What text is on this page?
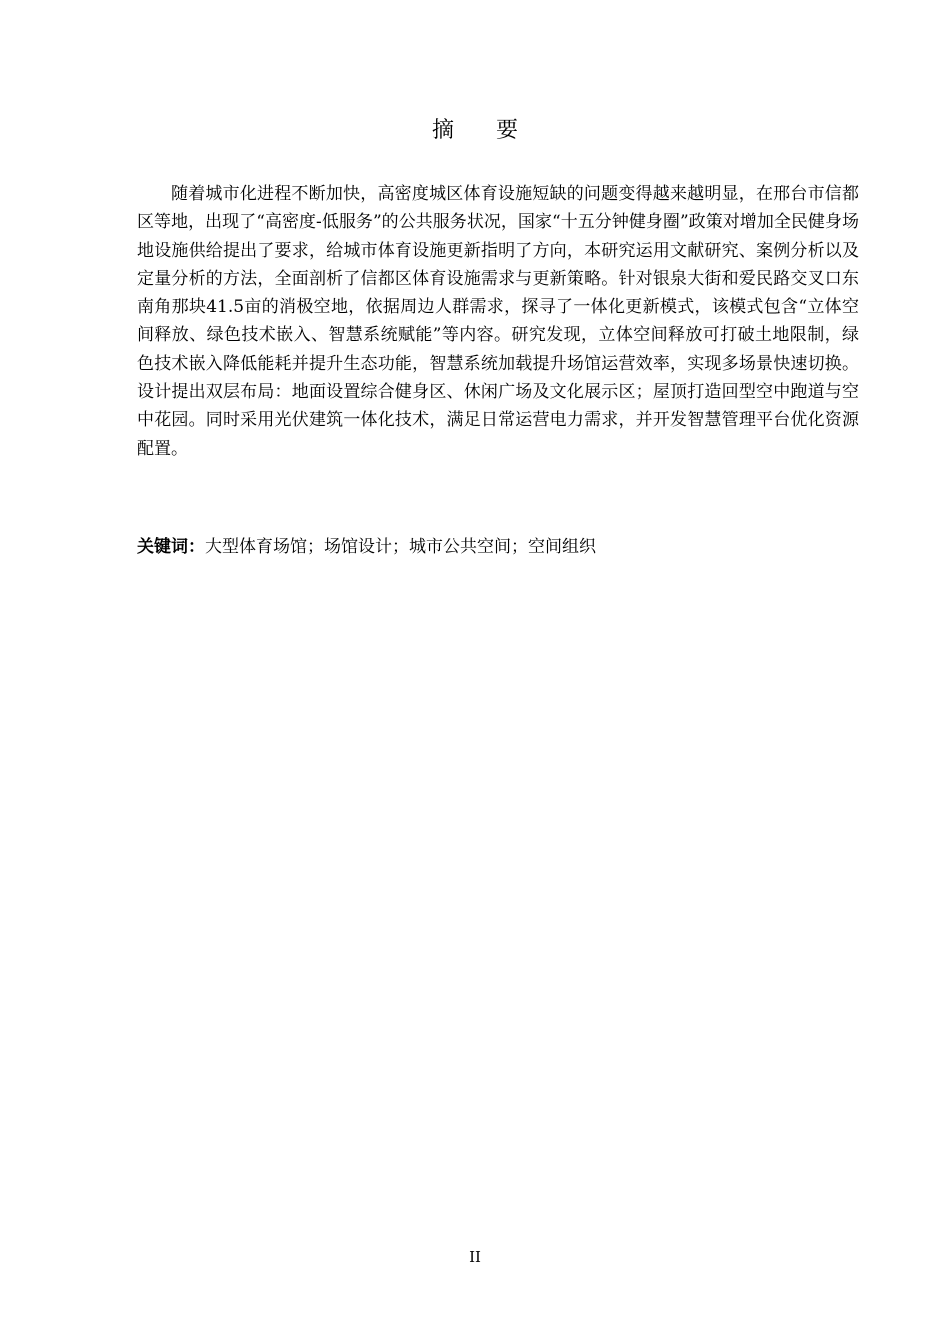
摘要

随着城市化进程不断加快，高密度城区体育设施短缺的问题变得越来越明显，在邢台市信都区等地，出现了“高密度-低服务”的公共服务状况，国家“十五分钟健身圈”政策对增加全民健身场地设施供给提出了要求，给城市体育设施更新指明了方向，本研究运用文献研究、案例分析以及定量分析的方法，全面剖析了信都区体育设施需求与更新策略。针对银泉大街和爱民路交叉口东南角那块41.5亩的消极空地，依据周边人群需求，探寻了一体化更新模式，该模式包含“立体空间释放、绿色技术嵌入、智慧系统赋能”等内容。研究发现，立体空间释放可打破土地限制，绿色技术嵌入降低能耗并提升生态功能，智慧系统加载提升场馆运营效率，实现多场景快速切换。设计提出双层布局：地面设置综合健身区、休闲广场及文化展示区；屋顶打造回型空中跑道与空中花园。同时采用光伏建筑一体化技术，满足日常运营电力需求，并开发智慧管理平台优化资源配置。

关键词：大型体育场馆；场馆设计；城市公共空间；空间组织

II
